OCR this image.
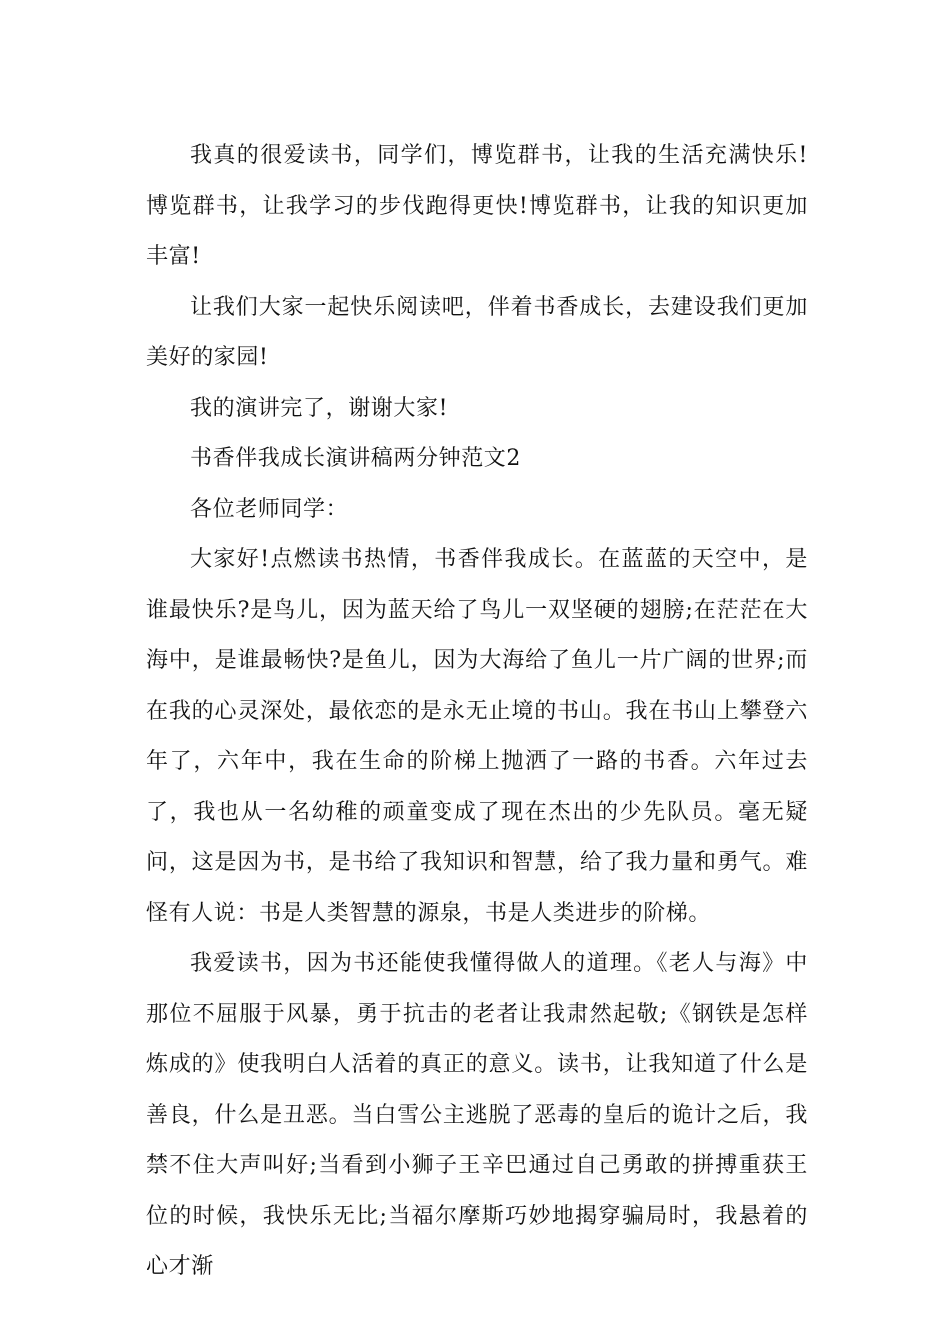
我真的很爱读书，同学们，博览群书，让我的生活充满快乐!博览群书，让我学习的步伐跑得更快!博览群书，让我的知识更加丰富!

让我们大家一起快乐阅读吧，伴着书香成长，去建设我们更加美好的家园!

我的演讲完了，谢谢大家!

书香伴我成长演讲稿两分钟范文2

各位老师同学：

大家好!点燃读书热情，书香伴我成长。在蓝蓝的天空中，是谁最快乐?是鸟儿，因为蓝天给了鸟儿一双坚硬的翅膀;在茫茫在大海中，是谁最畅快?是鱼儿，因为大海给了鱼儿一片广阔的世界;而在我的心灵深处，最依恋的是永无止境的书山。我在书山上攀登六年了，六年中，我在生命的阶梯上抛洒了一路的书香。六年过去了，我也从一名幼稚的顽童变成了现在杰出的少先队员。毫无疑问，这是因为书，是书给了我知识和智慧，给了我力量和勇气。难怪有人说：书是人类智慧的源泉，书是人类进步的阶梯。

我爱读书，因为书还能使我懂得做人的道理。《老人与海》中那位不屈服于风暴，勇于抗击的老者让我肃然起敬;《钢铁是怎样炼成的》使我明白人活着的真正的意义。读书，让我知道了什么是善良，什么是丑恶。当白雪公主逃脱了恶毒的皇后的诡计之后，我禁不住大声叫好;当看到小狮子王辛巴通过自己勇敢的拼搏重获王位的时候，我快乐无比;当福尔摩斯巧妙地揭穿骗局时，我悬着的心才渐
